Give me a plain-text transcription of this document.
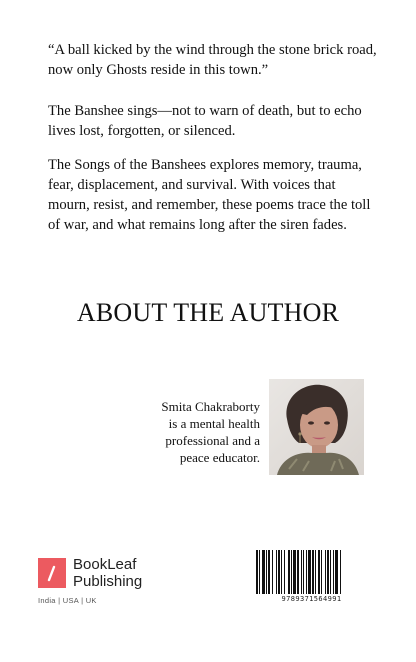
“A ball kicked by the wind through the stone brick road, now only Ghosts reside in this town.”

The Banshee sings—not to warn of death, but to echo lives lost, forgotten, or silenced.

The Songs of the Banshees explores memory, trauma, fear, displacement, and survival. With voices that mourn, resist, and remember, these poems trace the toll of war, and what remains long after the siren fades.

ABOUT THE AUTHOR

Smita Chakraborty is a mental health professional and a peace educator.

BookLeaf
Publishing
India | USA | UK	9789371564991
